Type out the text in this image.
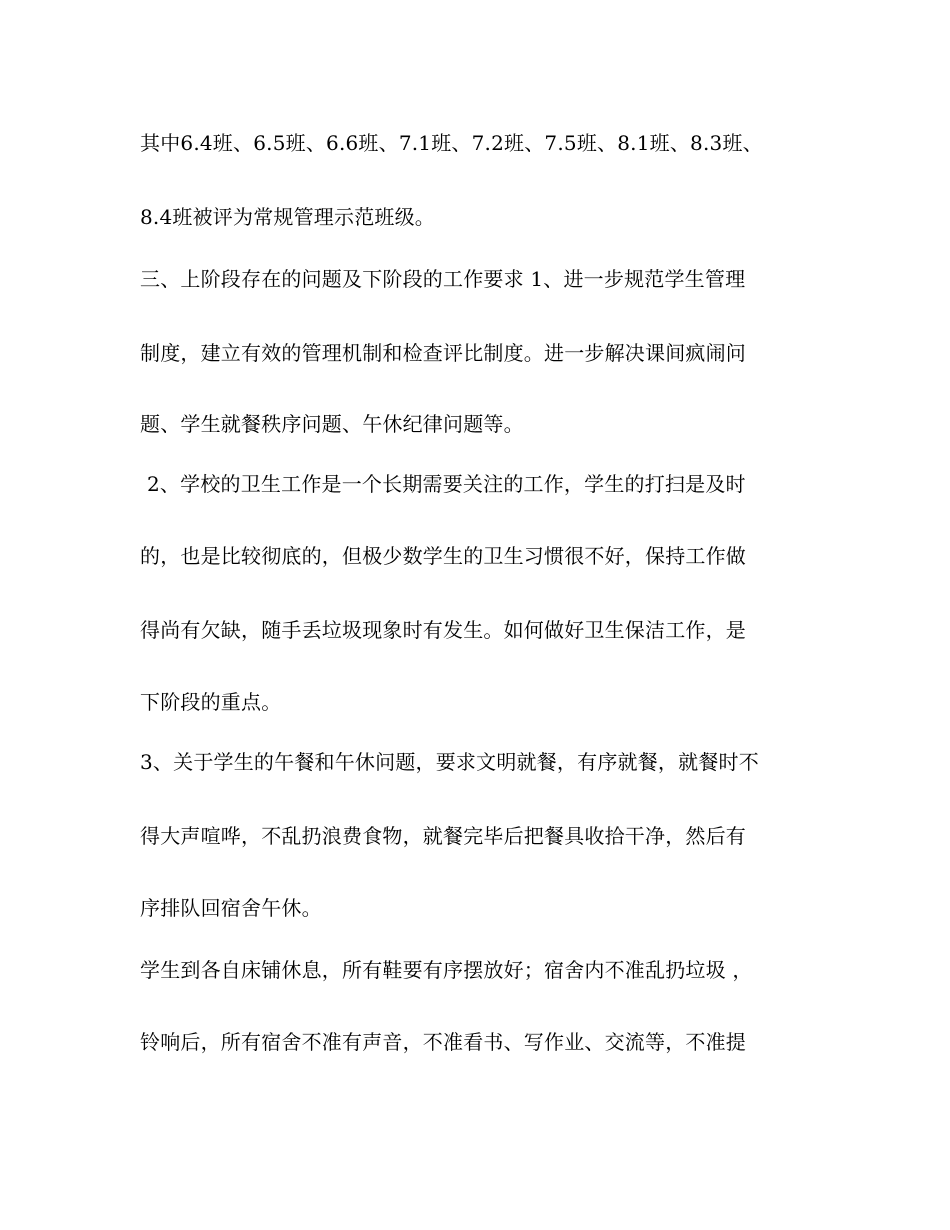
其中6.4班、6.5班、6.6班、7.1班、7.2班、7.5班、8.1班、8.3班、
8.4班被评为常规管理示范班级。
三、上阶段存在的问题及下阶段的工作要求 1、进一步规范学生管理
制度，建立有效的管理机制和检查评比制度。进一步解决课间疯闹问
题、学生就餐秩序问题、午休纪律问题等。
2、学校的卫生工作是一个长期需要关注的工作，学生的打扫是及时
的，也是比较彻底的，但极少数学生的卫生习惯很不好，保持工作做
得尚有欠缺，随手丢垃圾现象时有发生。如何做好卫生保洁工作，是
下阶段的重点。
3、关于学生的午餐和午休问题，要求文明就餐，有序就餐，就餐时不
得大声喧哗，不乱扔浪费食物，就餐完毕后把餐具收拾干净，然后有
序排队回宿舍午休。
学生到各自床铺休息，所有鞋要有序摆放好；宿舍内不准乱扔垃圾 ，
铃响后，所有宿舍不准有声音，不准看书、写作业、交流等，不准提
